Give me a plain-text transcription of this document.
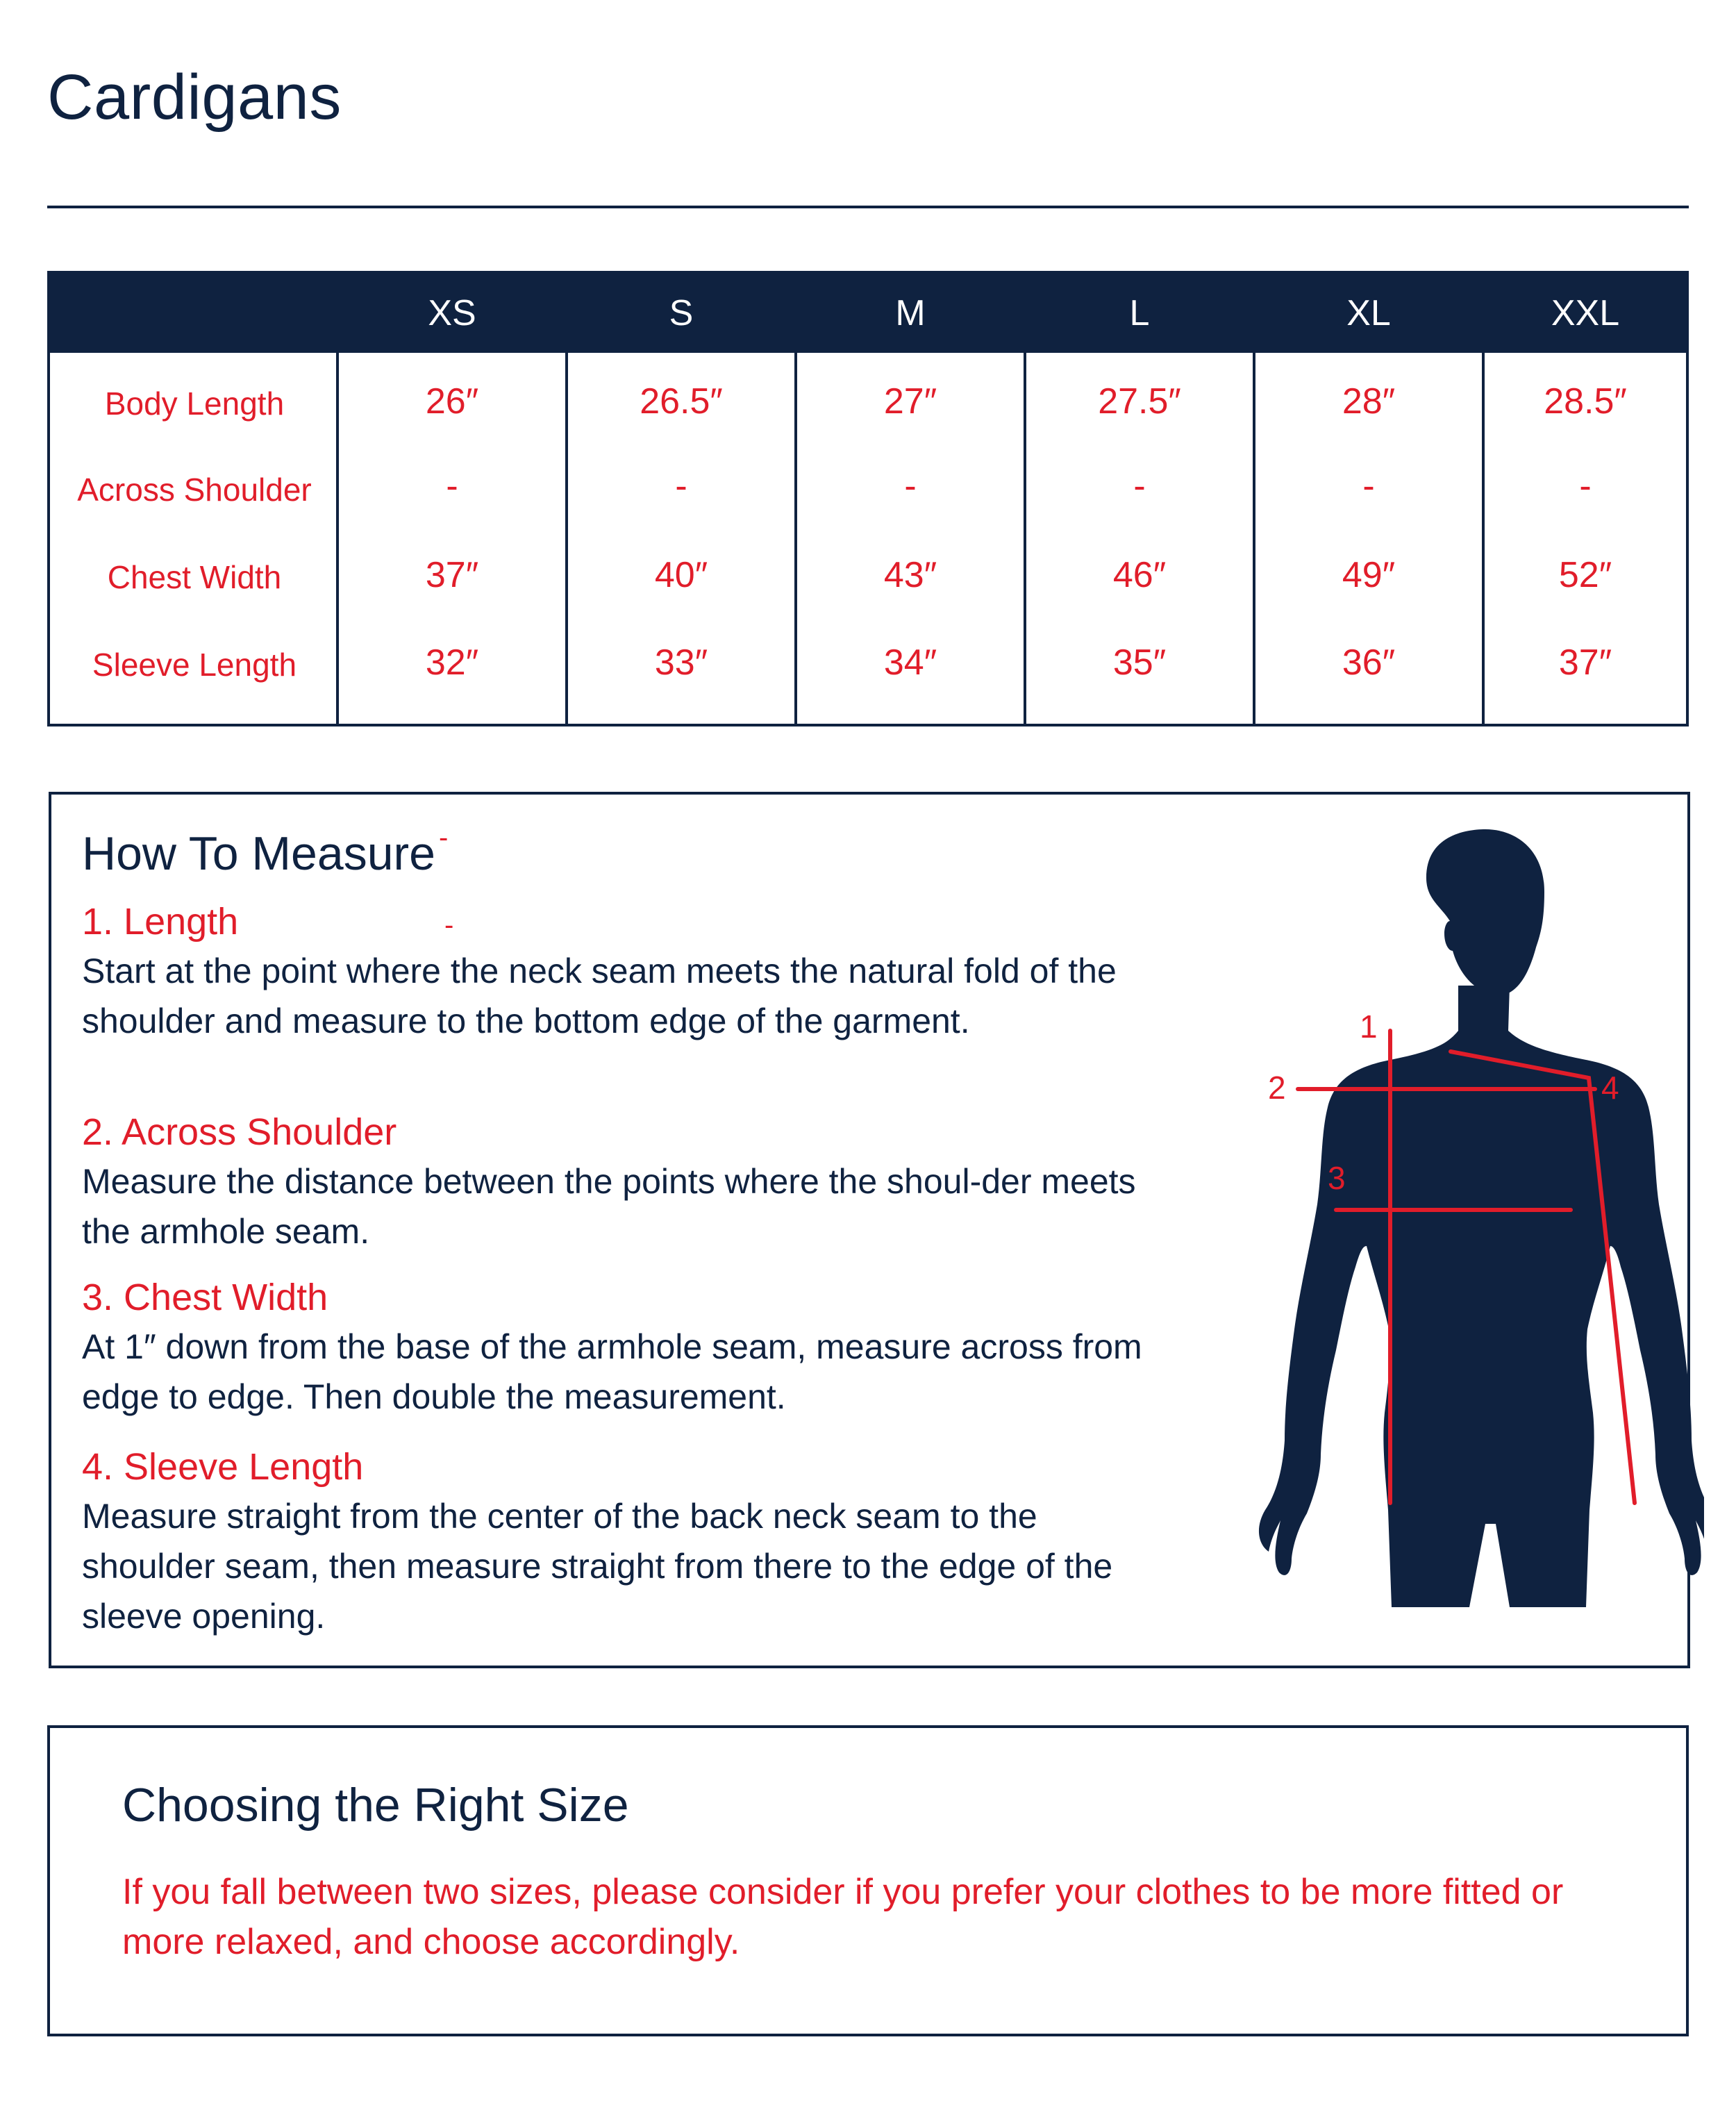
Cardigans
XS	S	M	L	XL	XXL
Body Length	26″	26.5″	27″	27.5″	28″	28.5″
Across Shoulder	-	-	-	-	-	-
Chest Width	37″	40″	43″	46″	49″	52″
Sleeve Length	32″	33″	34″	35″	36″	37″
How To Measure -
-
1. Length

Start at the point where the neck seam meets the natural fold of the shoulder and measure to the bottom edge of the garment.

2. Across Shoulder

Measure the distance between the points where the shoul-der meets the armhole seam.

3. Chest Width

At 1″ down from the base of the armhole seam, measure across from edge to edge. Then double the measurement.

4. Sleeve Length

Measure straight from the center of the back neck seam to the shoulder seam, then measure straight from there to the edge of the sleeve opening.

1
2
3
4
Choosing the Right Size

If you fall between two sizes, please consider if you prefer your clothes to be more fitted or more relaxed, and choose accordingly.
